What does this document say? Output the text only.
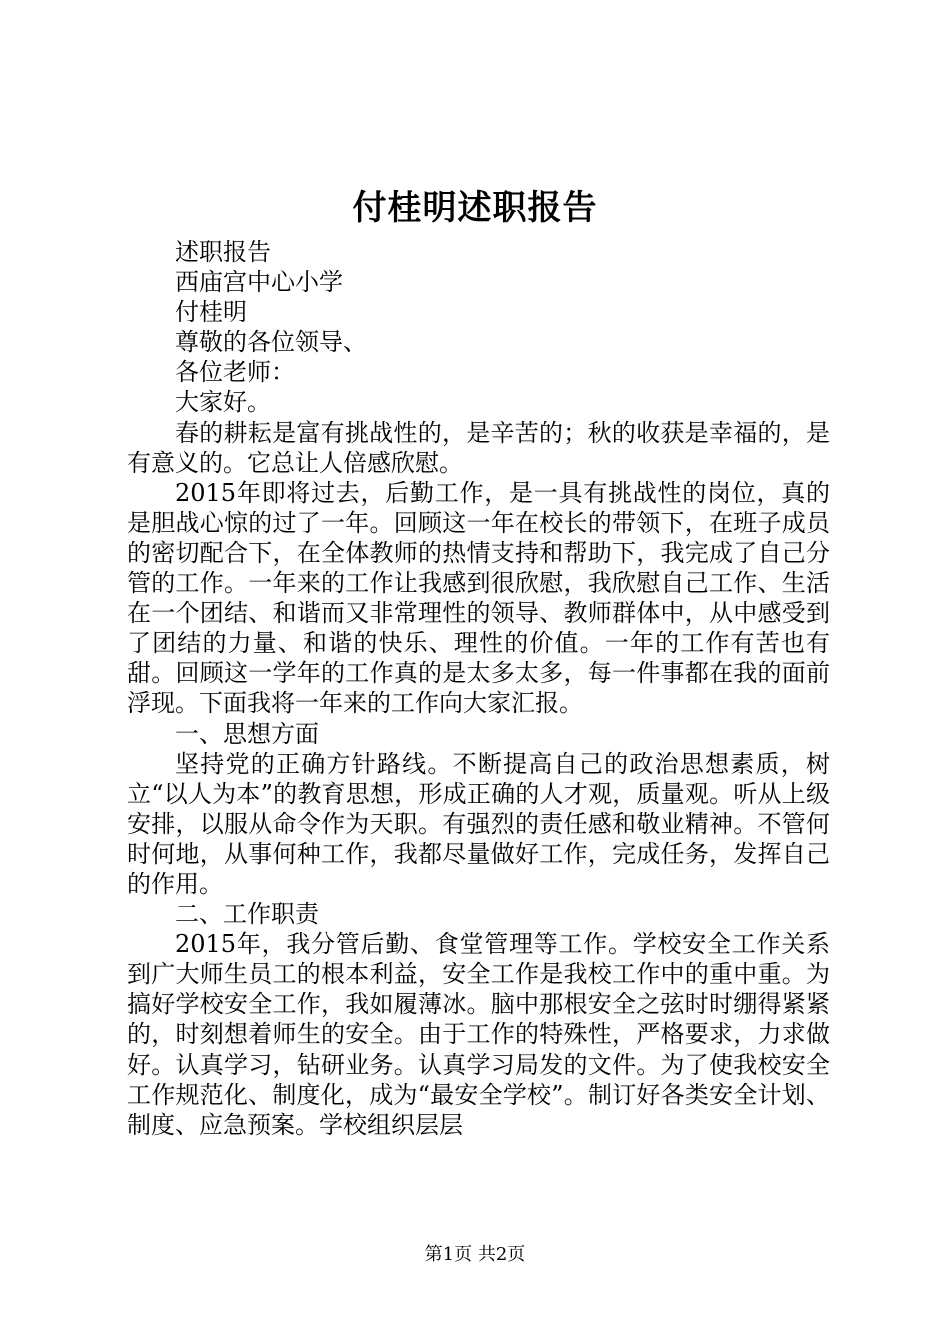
付桂明述职报告

述职报告

西庙宫中心小学

付桂明

尊敬的各位领导、

各位老师：

大家好。

春的耕耘是富有挑战性的，是辛苦的；秋的收获是幸福的，是有意义的。它总让人倍感欣慰。

2015年即将过去，后勤工作，是一具有挑战性的岗位，真的是胆战心惊的过了一年。回顾这一年在校长的带领下，在班子成员的密切配合下，在全体教师的热情支持和帮助下，我完成了自己分管的工作。一年来的工作让我感到很欣慰，我欣慰自己工作、生活在一个团结、和谐而又非常理性的领导、教师群体中，从中感受到了团结的力量、和谐的快乐、理性的价值。一年的工作有苦也有甜。回顾这一学年的工作真的是太多太多，每一件事都在我的面前浮现。下面我将一年来的工作向大家汇报。

一、思想方面

坚持党的正确方针路线。不断提高自己的政治思想素质，树立“以人为本”的教育思想，形成正确的人才观，质量观。听从上级安排，以服从命令作为天职。有强烈的责任感和敬业精神。不管何时何地，从事何种工作，我都尽量做好工作，完成任务，发挥自己的作用。

二、工作职责

2015年，我分管后勤、食堂管理等工作。学校安全工作关系到广大师生员工的根本利益，安全工作是我校工作中的重中重。为搞好学校安全工作，我如履薄冰。脑中那根安全之弦时时绷得紧紧的，时刻想着师生的安全。由于工作的特殊性，严格要求，力求做好。认真学习，钻研业务。认真学习局发的文件。为了使我校安全工作规范化、制度化，成为“最安全学校”。制订好各类安全计划、制度、应急预案。学校组织层层

第1页 共2页
